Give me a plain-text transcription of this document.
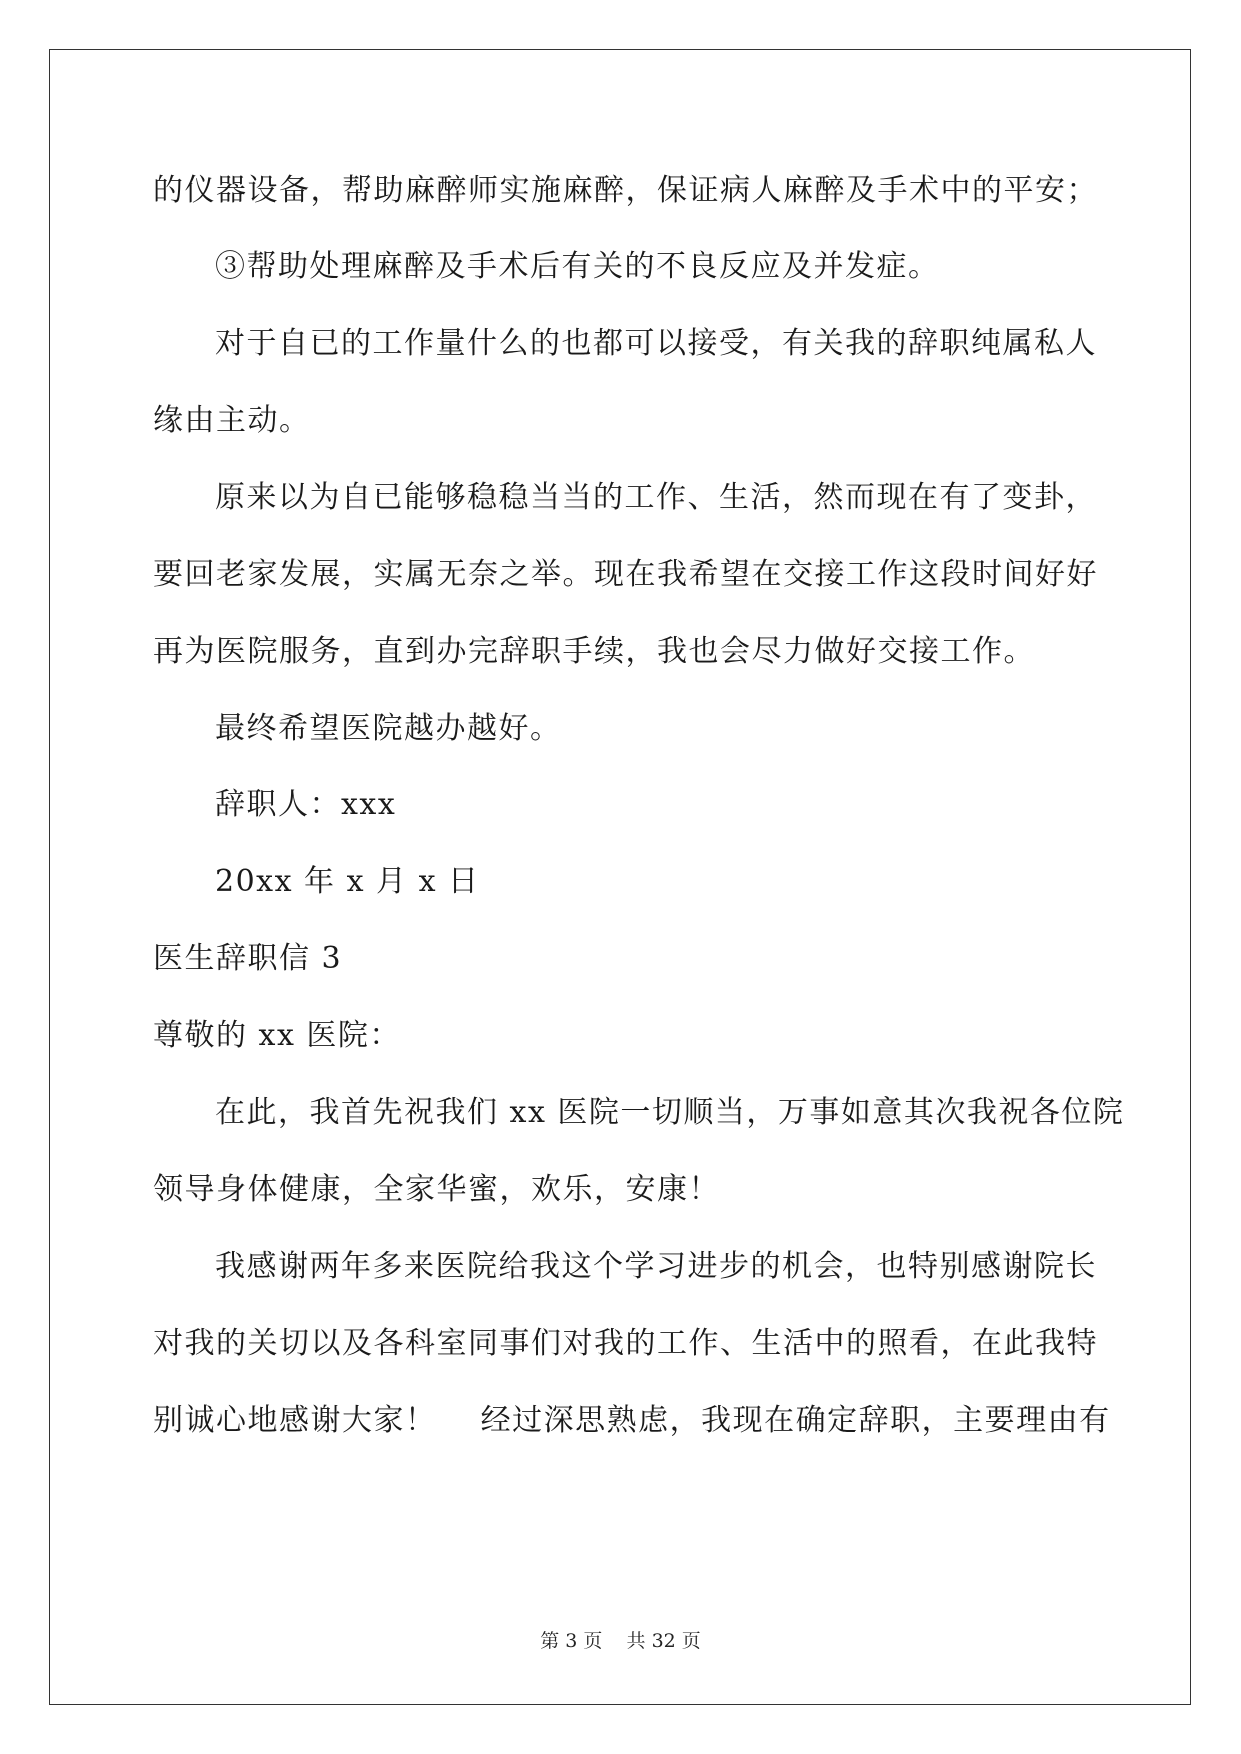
的仪器设备，帮助麻醉师实施麻醉，保证病人麻醉及手术中的平安；
③帮助处理麻醉及手术后有关的不良反应及并发症。
对于自已的工作量什么的也都可以接受，有关我的辞职纯属私人
缘由主动。
原来以为自已能够稳稳当当的工作、生活，然而现在有了变卦，
要回老家发展，实属无奈之举。现在我希望在交接工作这段时间好好
再为医院服务，直到办完辞职手续，我也会尽力做好交接工作。
最终希望医院越办越好。
辞职人：xxx
20xx 年 x 月 x 日
医生辞职信 3
尊敬的 xx 医院：
在此，我首先祝我们 xx 医院一切顺当，万事如意其次我祝各位院
领导身体健康，全家华蜜，欢乐，安康！
我感谢两年多来医院给我这个学习进步的机会，也特别感谢院长
对我的关切以及各科室同事们对我的工作、生活中的照看，在此我特
别诚心地感谢大家！    经过深思熟虑，我现在确定辞职，主要理由有
第 3 页    共 32 页
